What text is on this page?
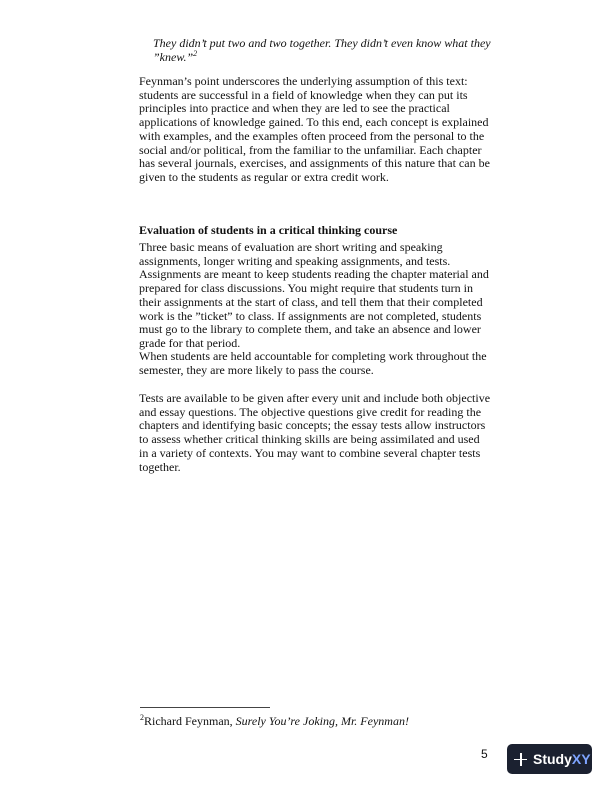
They didn’t put two and two together. They didn’t even know what they ”knew.”$^2$

Feynman’s point underscores the underlying assumption of this text: students are successful in a field of knowledge when they can put its principles into practice and when they are led to see the practical applications of knowledge gained. To this end, each concept is explained with examples, and the examples often proceed from the personal to the social and/or political, from the familiar to the unfamiliar. Each chapter has several journals, exercises, and assignments of this nature that can be given to the students as regular or extra credit work.

Evaluation of students in a critical thinking course

Three basic means of evaluation are short writing and speaking assignments, longer writing and speaking assignments, and tests. Assignments are meant to keep students reading the chapter material and prepared for class discussions. You might require that students turn in their assignments at the start of class, and tell them that their completed work is the ”ticket” to class. If assignments are not completed, students must go to the library to complete them, and take an absence and lower grade for that period.

When students are held accountable for completing work throughout the semester, they are more likely to pass the course.

Tests are available to be given after every unit and include both objective and essay questions. The objective questions give credit for reading the chapters and identifying basic concepts; the essay tests allow instructors to assess whether critical thinking skills are being assimilated and used in a variety of contexts. You may want to combine several chapter tests together.

$^2$Richard Feynman, Surely You’re Joking, Mr. Feynman!

5	Study XY
